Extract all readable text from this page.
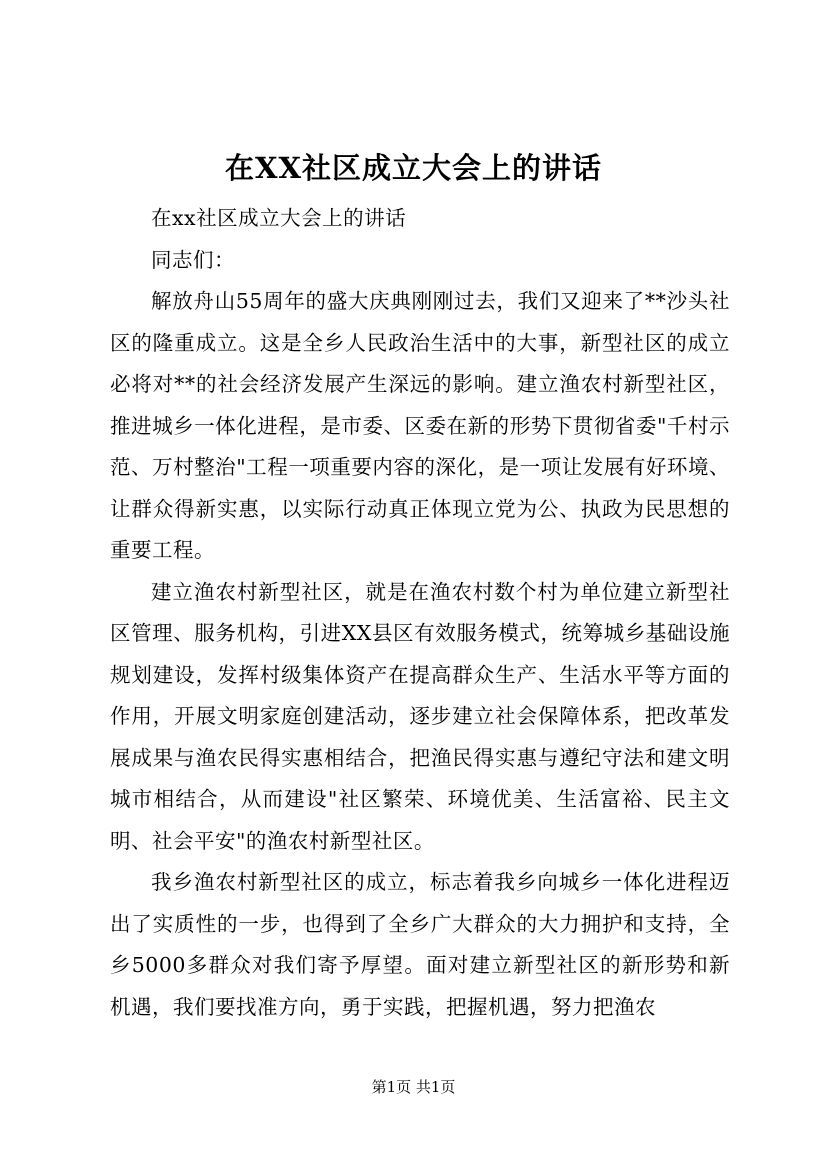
在XX社区成立大会上的讲话

在xx社区成立大会上的讲话

同志们：

解放舟山55周年的盛大庆典刚刚过去，我们又迎来了**沙头社区的隆重成立。这是全乡人民政治生活中的大事，新型社区的成立必将对**的社会经济发展产生深远的影响。建立渔农村新型社区，推进城乡一体化进程，是市委、区委在新的形势下贯彻省委"千村示范、万村整治"工程一项重要内容的深化，是一项让发展有好环境、让群众得新实惠，以实际行动真正体现立党为公、执政为民思想的重要工程。

建立渔农村新型社区，就是在渔农村数个村为单位建立新型社区管理、服务机构，引进XX县区有效服务模式，统筹城乡基础设施规划建设，发挥村级集体资产在提高群众生产、生活水平等方面的作用，开展文明家庭创建活动，逐步建立社会保障体系，把改革发展成果与渔农民得实惠相结合，把渔民得实惠与遵纪守法和建文明城市相结合，从而建设"社区繁荣、环境优美、生活富裕、民主文明、社会平安"的渔农村新型社区。

我乡渔农村新型社区的成立，标志着我乡向城乡一体化进程迈出了实质性的一步，也得到了全乡广大群众的大力拥护和支持，全乡5000多群众对我们寄予厚望。面对建立新型社区的新形势和新机遇，我们要找准方向，勇于实践，把握机遇，努力把渔农

第1页 共1页
